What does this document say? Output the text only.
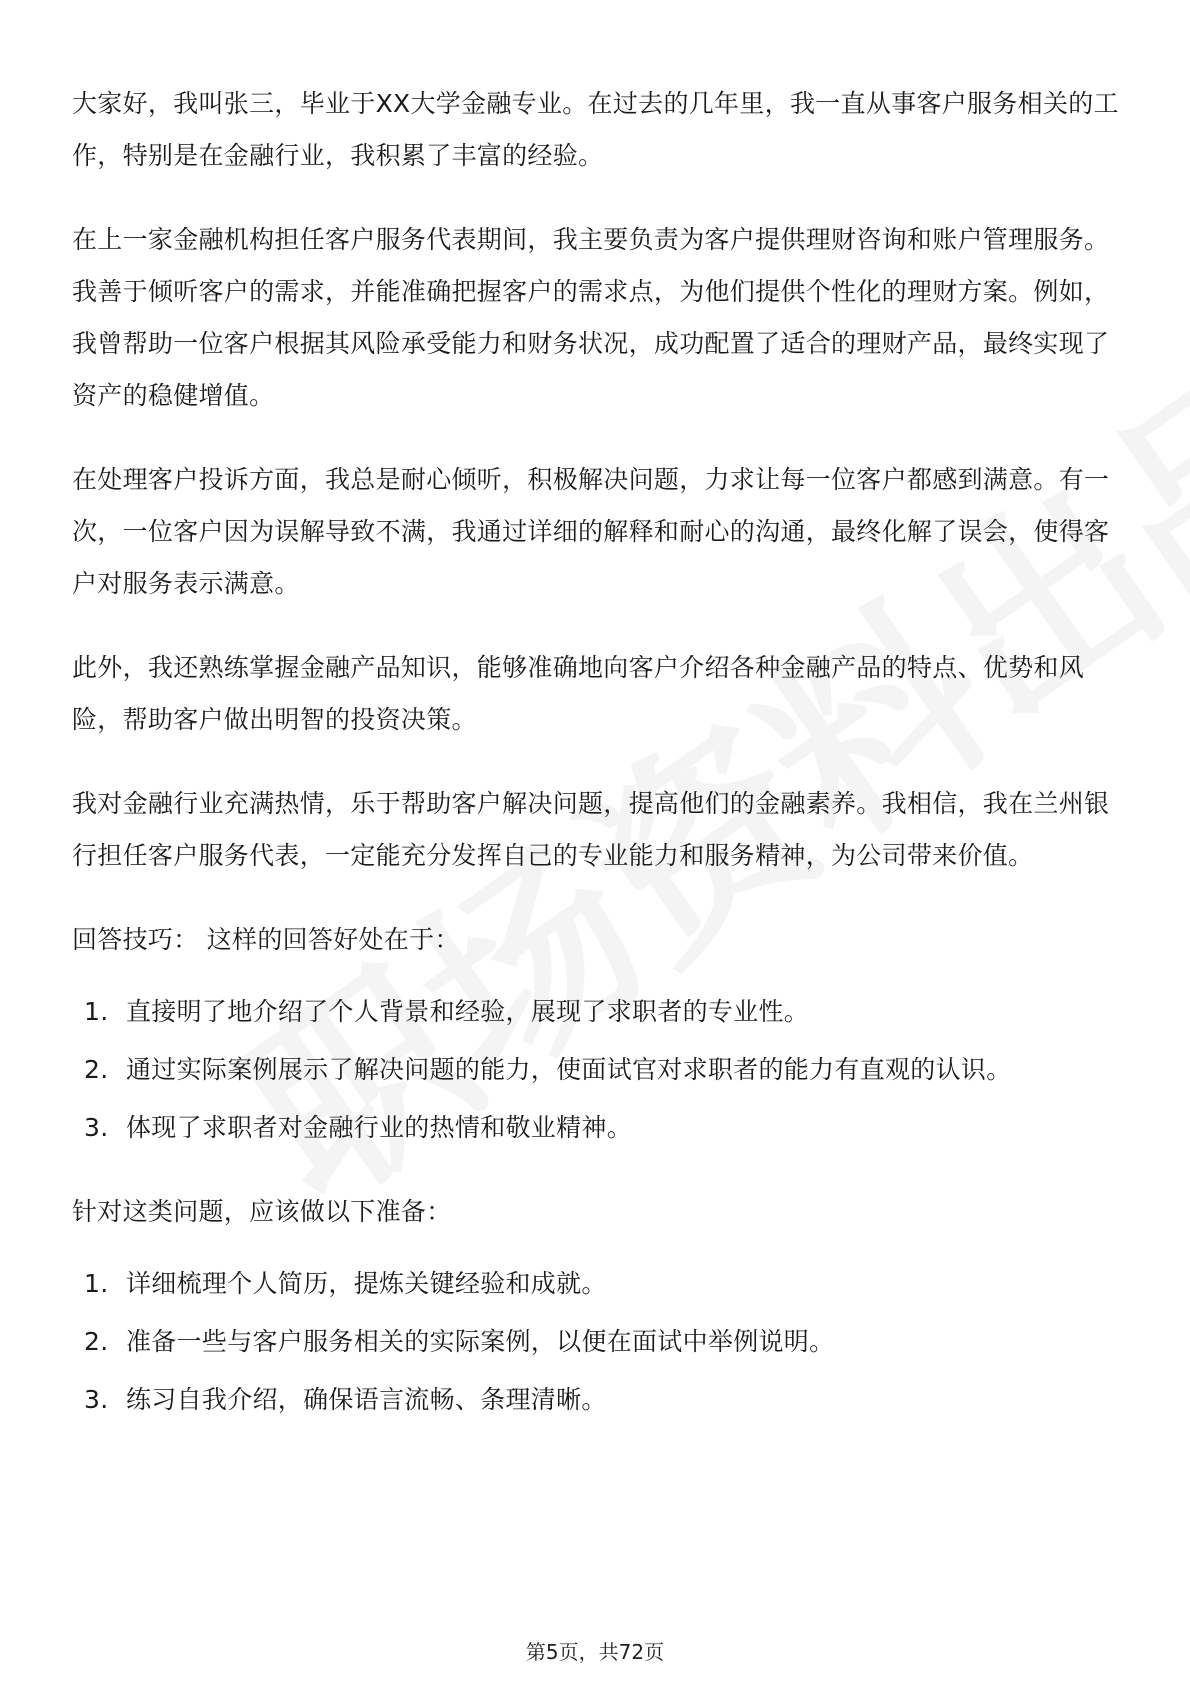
大家好，我叫张三，毕业于XX大学金融专业。在过去的几年里，我一直从事客户服务相关的工作，特别是在金融行业，我积累了丰富的经验。

在上一家金融机构担任客户服务代表期间，我主要负责为客户提供理财咨询和账户管理服务。我善于倾听客户的需求，并能准确把握客户的需求点，为他们提供个性化的理财方案。例如，我曾帮助一位客户根据其风险承受能力和财务状况，成功配置了适合的理财产品，最终实现了资产的稳健增值。

在处理客户投诉方面，我总是耐心倾听，积极解决问题，力求让每一位客户都感到满意。有一次，一位客户因为误解导致不满，我通过详细的解释和耐心的沟通，最终化解了误会，使得客户对服务表示满意。

此外，我还熟练掌握金融产品知识，能够准确地向客户介绍各种金融产品的特点、优势和风险，帮助客户做出明智的投资决策。

我对金融行业充满热情，乐于帮助客户解决问题，提高他们的金融素养。我相信，我在兰州银行担任客户服务代表，一定能充分发挥自己的专业能力和服务精神，为公司带来价值。

回答技巧： 这样的回答好处在于：

1. 直接明了地介绍了个人背景和经验，展现了求职者的专业性。
2. 通过实际案例展示了解决问题的能力，使面试官对求职者的能力有直观的认识。
3. 体现了求职者对金融行业的热情和敬业精神。

针对这类问题，应该做以下准备：

1. 详细梳理个人简历，提炼关键经验和成就。
2. 准备一些与客户服务相关的实际案例，以便在面试中举例说明。
3. 练习自我介绍，确保语言流畅、条理清晰。
第5页，共72页
